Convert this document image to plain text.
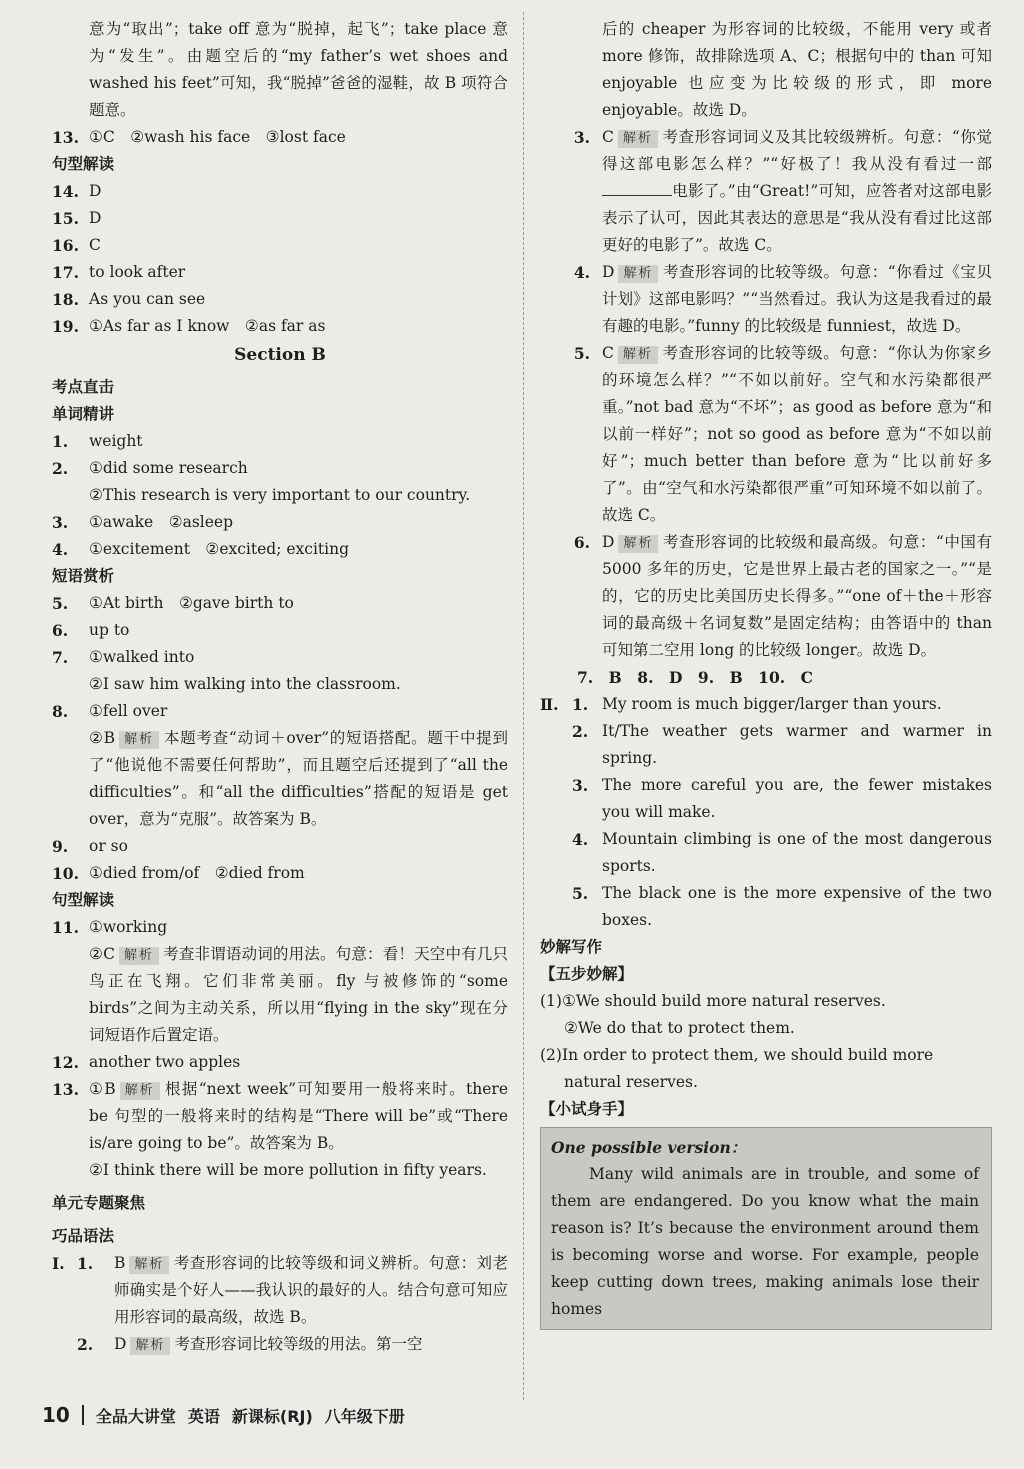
意为“取出”；take off 意为“脱掉，起飞”；take place 意为“发生”。由题空后的“my father’s wet shoes and washed his feet”可知，我“脱掉”爸爸的湿鞋，故 B 项符合题意。
13. ①C　②wash his face　③lost face
句型解读
14. D
15. D
16. C
17. to look after
18. As you can see
19. ①As far as I know　②as far as
Section B
考点直击
单词精讲
1.	weight
2.	①did some research
②This research is very important to our country.
3.	①awake　②asleep
4.	①excitement　②excited; exciting
短语赏析
5.	①At birth　②gave birth to
6.	up to
7.	①walked into
②I saw him walking into the classroom.
8.	①fell over
②B 解析 本题考查“动词＋over”的短语搭配。题干中提到了“他说他不需要任何帮助”，而且题空后还提到了“all the difficulties”。和“all the difficulties”搭配的短语是 get over，意为“克服”。故答案为 B。
9.	or so
10. ①died from/of　②died from
句型解读
11. ①working
②C 解析 考查非谓语动词的用法。句意：看！天空中有几只鸟正在飞翔。它们非常美丽。fly 与被修饰的“some birds”之间为主动关系，所以用“flying in the sky”现在分词短语作后置定语。
12. another two apples
13. ①B 解析 根据“next week”可知要用一般将来时。there be 句型的一般将来时的结构是“There will be”或“There is/are going to be”。故答案为 B。
②I think there will be more pollution in fifty years.
单元专题聚焦
巧品语法
Ⅰ. 1.	B 解析 考查形容词的比较等级和词义辨析。句意：刘老师确实是个好人——我认识的最好的人。结合句意可知应用形容词的最高级，故选 B。
2.	D 解析 考查形容词比较等级的用法。第一空
后的 cheaper 为形容词的比较级，不能用 very 或者 more 修饰，故排除选项 A、C；根据句中的 than 可知 enjoyable 也应变为比较级的形式，即 more enjoyable。故选 D。
3. C 解析 考查形容词词义及其比较级辨析。句意：“你觉得这部电影怎么样？”“好极了！我从没有看过一部电影了。”由“Great!”可知，应答者对这部电影表示了认可，因此其表达的意思是“我从没有看过比这部更好的电影了”。故选 C。
4. D 解析 考查形容词的比较等级。句意：“你看过《宝贝计划》这部电影吗？”“当然看过。我认为这是我看过的最有趣的电影。”funny 的比较级是 funniest，故选 D。
5. C 解析 考查形容词的比较等级。句意：“你认为你家乡的环境怎么样？”“不如以前好。空气和水污染都很严重。”not bad 意为“不坏”；as good as before 意为“和以前一样好”；not so good as before 意为“不如以前好”；much better than before 意为“比以前好多了”。由“空气和水污染都很严重”可知环境不如以前了。故选 C。
6. D 解析 考查形容词的比较级和最高级。句意：“中国有 5000 多年的历史，它是世界上最古老的国家之一。”“是的，它的历史比美国历史长得多。”“one of＋the＋形容词的最高级＋名词复数”是固定结构；由答语中的 than 可知第二空用 long 的比较级 longer。故选 D。
7.　B　8.　D　9.　B　10.　C
Ⅱ. 1. My room is much bigger/larger than yours.
2. It/The weather gets warmer and warmer in spring.
3. The more careful you are, the fewer mistakes you will make.
4. Mountain climbing is one of the most dangerous sports.
5. The black one is the more expensive of the two boxes.
妙解写作
【五步妙解】
(1)①We should build more natural reserves.
②We do that to protect them.
(2)In order to protect them, we should build more natural reserves.
【小试身手】
One possible version：
Many wild animals are in trouble, and some of them are endangered. Do you know what the main reason is? It’s because the environment around them is becoming worse and worse. For example, people keep cutting down trees, making animals lose their homes
10 全品大讲堂 英语 新课标(RJ) 八年级下册
